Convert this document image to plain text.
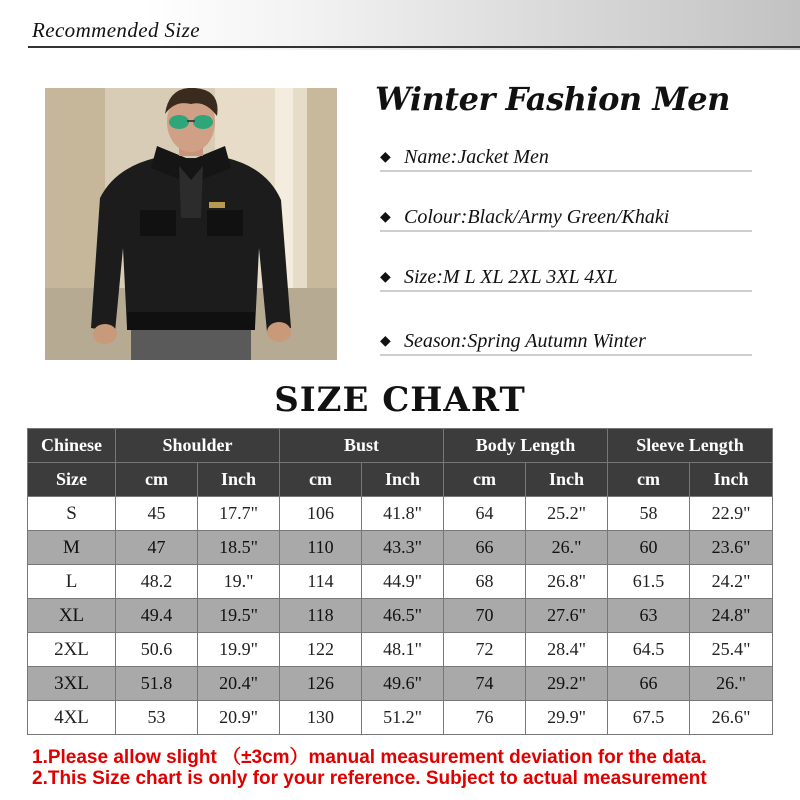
Recommended Size
Winter Fashion Men
◆ Name:Jacket Men
◆ Colour:Black/Army Green/Khaki
◆ Size:M L XL 2XL 3XL 4XL
◆ Season:Spring Autumn Winter
SIZE CHART
Chinese	Shoulder		Bust		Body Length		Sleeve Length	
Size	cm	Inch	cm	Inch	cm	Inch	cm	Inch
S	45	17.7"	106	41.8"	64	25.2"	58	22.9"
M	47	18.5"	110	43.3"	66	26."	60	23.6"
L	48.2	19."	114	44.9"	68	26.8"	61.5	24.2"
XL	49.4	19.5"	118	46.5"	70	27.6"	63	24.8"
2XL	50.6	19.9"	122	48.1"	72	28.4"	64.5	25.4"
3XL	51.8	20.4"	126	49.6"	74	29.2"	66	26."
4XL	53	20.9"	130	51.2"	76	29.9"	67.5	26.6"
1.Please allow slight （±3cm）manual measurement deviation for the data.
2.This Size chart is only for your reference. Subject to actual measurement
